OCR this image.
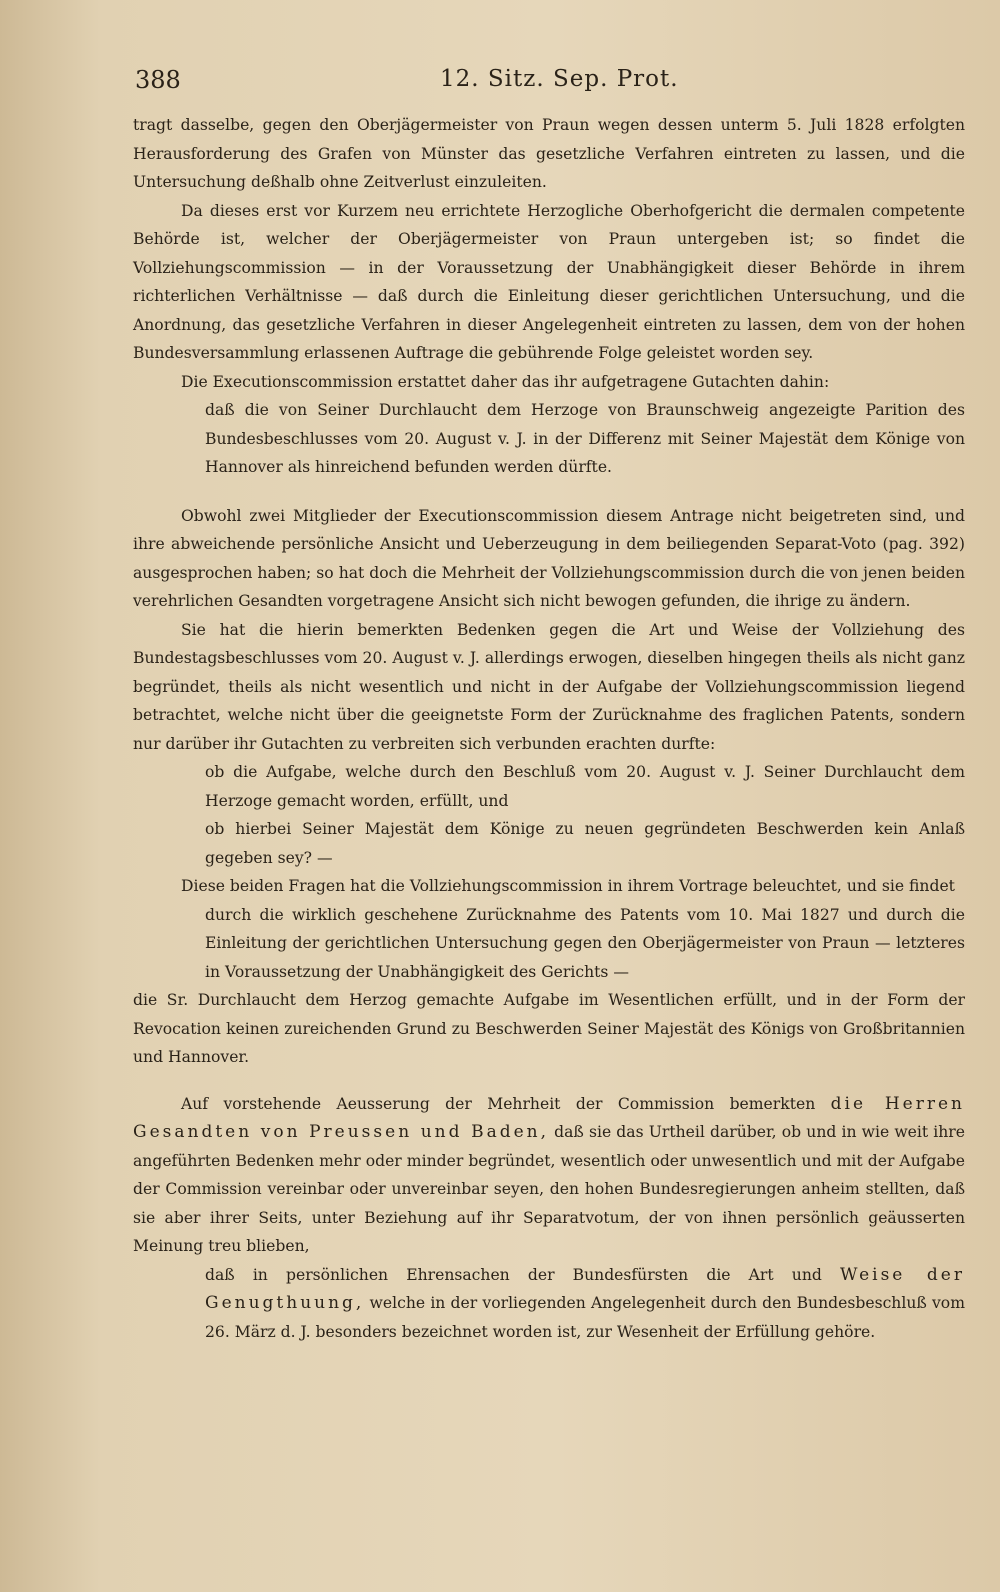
388	12. Sitz. Sep. Prot.

tragt dasselbe, gegen den Oberjägermeister von Praun wegen dessen unterm 5. Juli 1828 erfolgten Herausforderung des Grafen von Münster das gesetzliche Verfahren eintreten zu lassen, und die Untersuchung deßhalb ohne Zeitverlust einzuleiten.

Da dieses erst vor Kurzem neu errichtete Herzogliche Oberhofgericht die dermalen competente Behörde ist, welcher der Oberjägermeister von Praun untergeben ist; so findet die Vollziehungscommission — in der Voraussetzung der Unabhängigkeit dieser Behörde in ihrem richterlichen Verhältnisse — daß durch die Einleitung dieser gerichtlichen Untersuchung, und die Anordnung, das gesetzliche Verfahren in dieser Angelegenheit eintreten zu lassen, dem von der hohen Bundesversammlung erlassenen Auftrage die gebührende Folge geleistet worden sey.

Die Executionscommission erstattet daher das ihr aufgetragene Gutachten dahin:

daß die von Seiner Durchlaucht dem Herzoge von Braunschweig angezeigte Parition des Bundesbeschlusses vom 20. August v. J. in der Differenz mit Seiner Majestät dem Könige von Hannover als hinreichend befunden werden dürfte.

Obwohl zwei Mitglieder der Executionscommission diesem Antrage nicht beigetreten sind, und ihre abweichende persönliche Ansicht und Ueberzeugung in dem beiliegenden Separat-Voto (pag. 392) ausgesprochen haben; so hat doch die Mehrheit der Vollziehungscommission durch die von jenen beiden verehrlichen Gesandten vorgetragene Ansicht sich nicht bewogen gefunden, die ihrige zu ändern.

Sie hat die hierin bemerkten Bedenken gegen die Art und Weise der Vollziehung des Bundestagsbeschlusses vom 20. August v. J. allerdings erwogen, dieselben hingegen theils als nicht ganz begründet, theils als nicht wesentlich und nicht in der Aufgabe der Vollziehungscommission liegend betrachtet, welche nicht über die geeignetste Form der Zurücknahme des fraglichen Patents, sondern nur darüber ihr Gutachten zu verbreiten sich verbunden erachten durfte:

ob die Aufgabe, welche durch den Beschluß vom 20. August v. J. Seiner Durchlaucht dem Herzoge gemacht worden, erfüllt, und

ob hierbei Seiner Majestät dem Könige zu neuen gegründeten Beschwerden kein Anlaß gegeben sey? —

Diese beiden Fragen hat die Vollziehungscommission in ihrem Vortrage beleuchtet, und sie findet

durch die wirklich geschehene Zurücknahme des Patents vom 10. Mai 1827 und durch die Einleitung der gerichtlichen Untersuchung gegen den Oberjägermeister von Praun — letzteres in Voraussetzung der Unabhängigkeit des Gerichts —

die Sr. Durchlaucht dem Herzog gemachte Aufgabe im Wesentlichen erfüllt, und in der Form der Revocation keinen zureichenden Grund zu Beschwerden Seiner Majestät des Königs von Großbritannien und Hannover.

Auf vorstehende Aeusserung der Mehrheit der Commission bemerkten die Herren Gesandten von Preussen und Baden, daß sie das Urtheil darüber, ob und in wie weit ihre angeführten Bedenken mehr oder minder begründet, wesentlich oder unwesentlich und mit der Aufgabe der Commission vereinbar oder unvereinbar seyen, den hohen Bundesregierungen anheim stellten, daß sie aber ihrer Seits, unter Beziehung auf ihr Separatvotum, der von ihnen persönlich geäusserten Meinung treu blieben,

daß in persönlichen Ehrensachen der Bundesfürsten die Art und Weise der Genugthuung, welche in der vorliegenden Angelegenheit durch den Bundesbeschluß vom 26. März d. J. besonders bezeichnet worden ist, zur Wesenheit der Erfüllung gehöre.
